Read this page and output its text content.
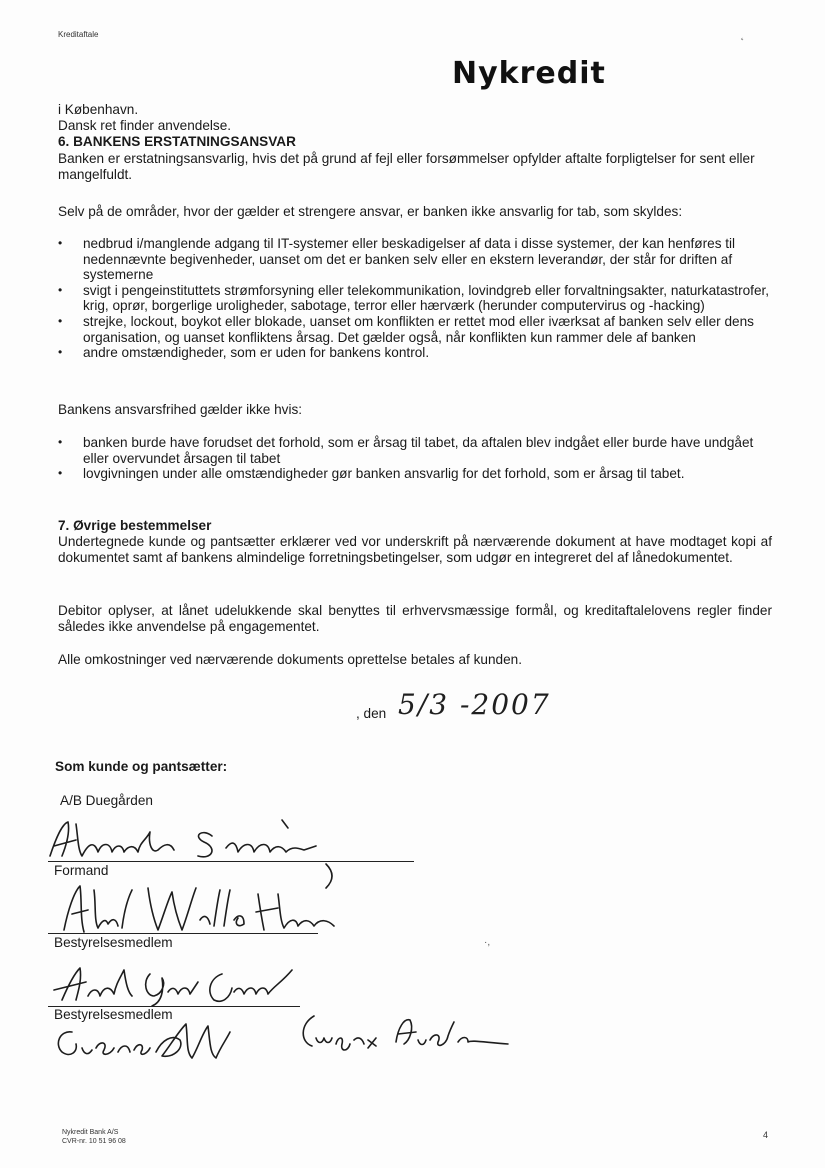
Kreditaftale	˛
Nykredit
i København.
Dansk ret finder anvendelse.
6. BANKENS ERSTATNINGSANSVAR
Banken er erstatningsansvarlig, hvis det på grund af fejl eller forsømmelser opfylder aftalte forpligtelser for sent eller mangelfuldt.
Selv på de områder, hvor der gælder et strengere ansvar, er banken ikke ansvarlig for tab, som skyldes:
• nedbrud i/manglende adgang til IT-systemer eller beskadigelser af data i disse systemer, der kan henføres til nedennævnte begivenheder, uanset om det er banken selv eller en ekstern leverandør, der står for driften af systemerne
• svigt i pengeinstituttets strømforsyning eller telekommunikation, lovindgreb eller forvaltningsakter, naturkatastrofer, krig, oprør, borgerlige uroligheder, sabotage, terror eller hærværk (herunder computervirus og -hacking)
• strejke, lockout, boykot eller blokade, uanset om konflikten er rettet mod eller iværksat af banken selv eller dens organisation, og uanset konfliktens årsag. Det gælder også, når konflikten kun rammer dele af banken
• andre omstændigheder, som er uden for bankens kontrol.
Bankens ansvarsfrihed gælder ikke hvis:
• banken burde have forudset det forhold, som er årsag til tabet, da aftalen blev indgået eller burde have undgået eller overvundet årsagen til tabet
• lovgivningen under alle omstændigheder gør banken ansvarlig for det forhold, som er årsag til tabet.
7. Øvrige bestemmelser
Undertegnede kunde og pantsætter erklærer ved vor underskrift på nærværende dokument at have modtaget kopi af dokumentet samt af bankens almindelige forretningsbetingelser, som udgør en integreret del af lånedokumentet.
Debitor oplyser, at lånet udelukkende skal benyttes til erhvervsmæssige formål, og kreditaftalelovens regler finder således ikke anvendelse på engagementet.
Alle omkostninger ved nærværende dokuments oprettelse betales af kunden.
, den 5/3 -2007
Som kunde og pantsætter:
A/B Duegården
Formand
Bestyrelsesmedlem	·,
Bestyrelsesmedlem
Nykredit Bank A/S
CVR-nr. 10 51 96 08
4
